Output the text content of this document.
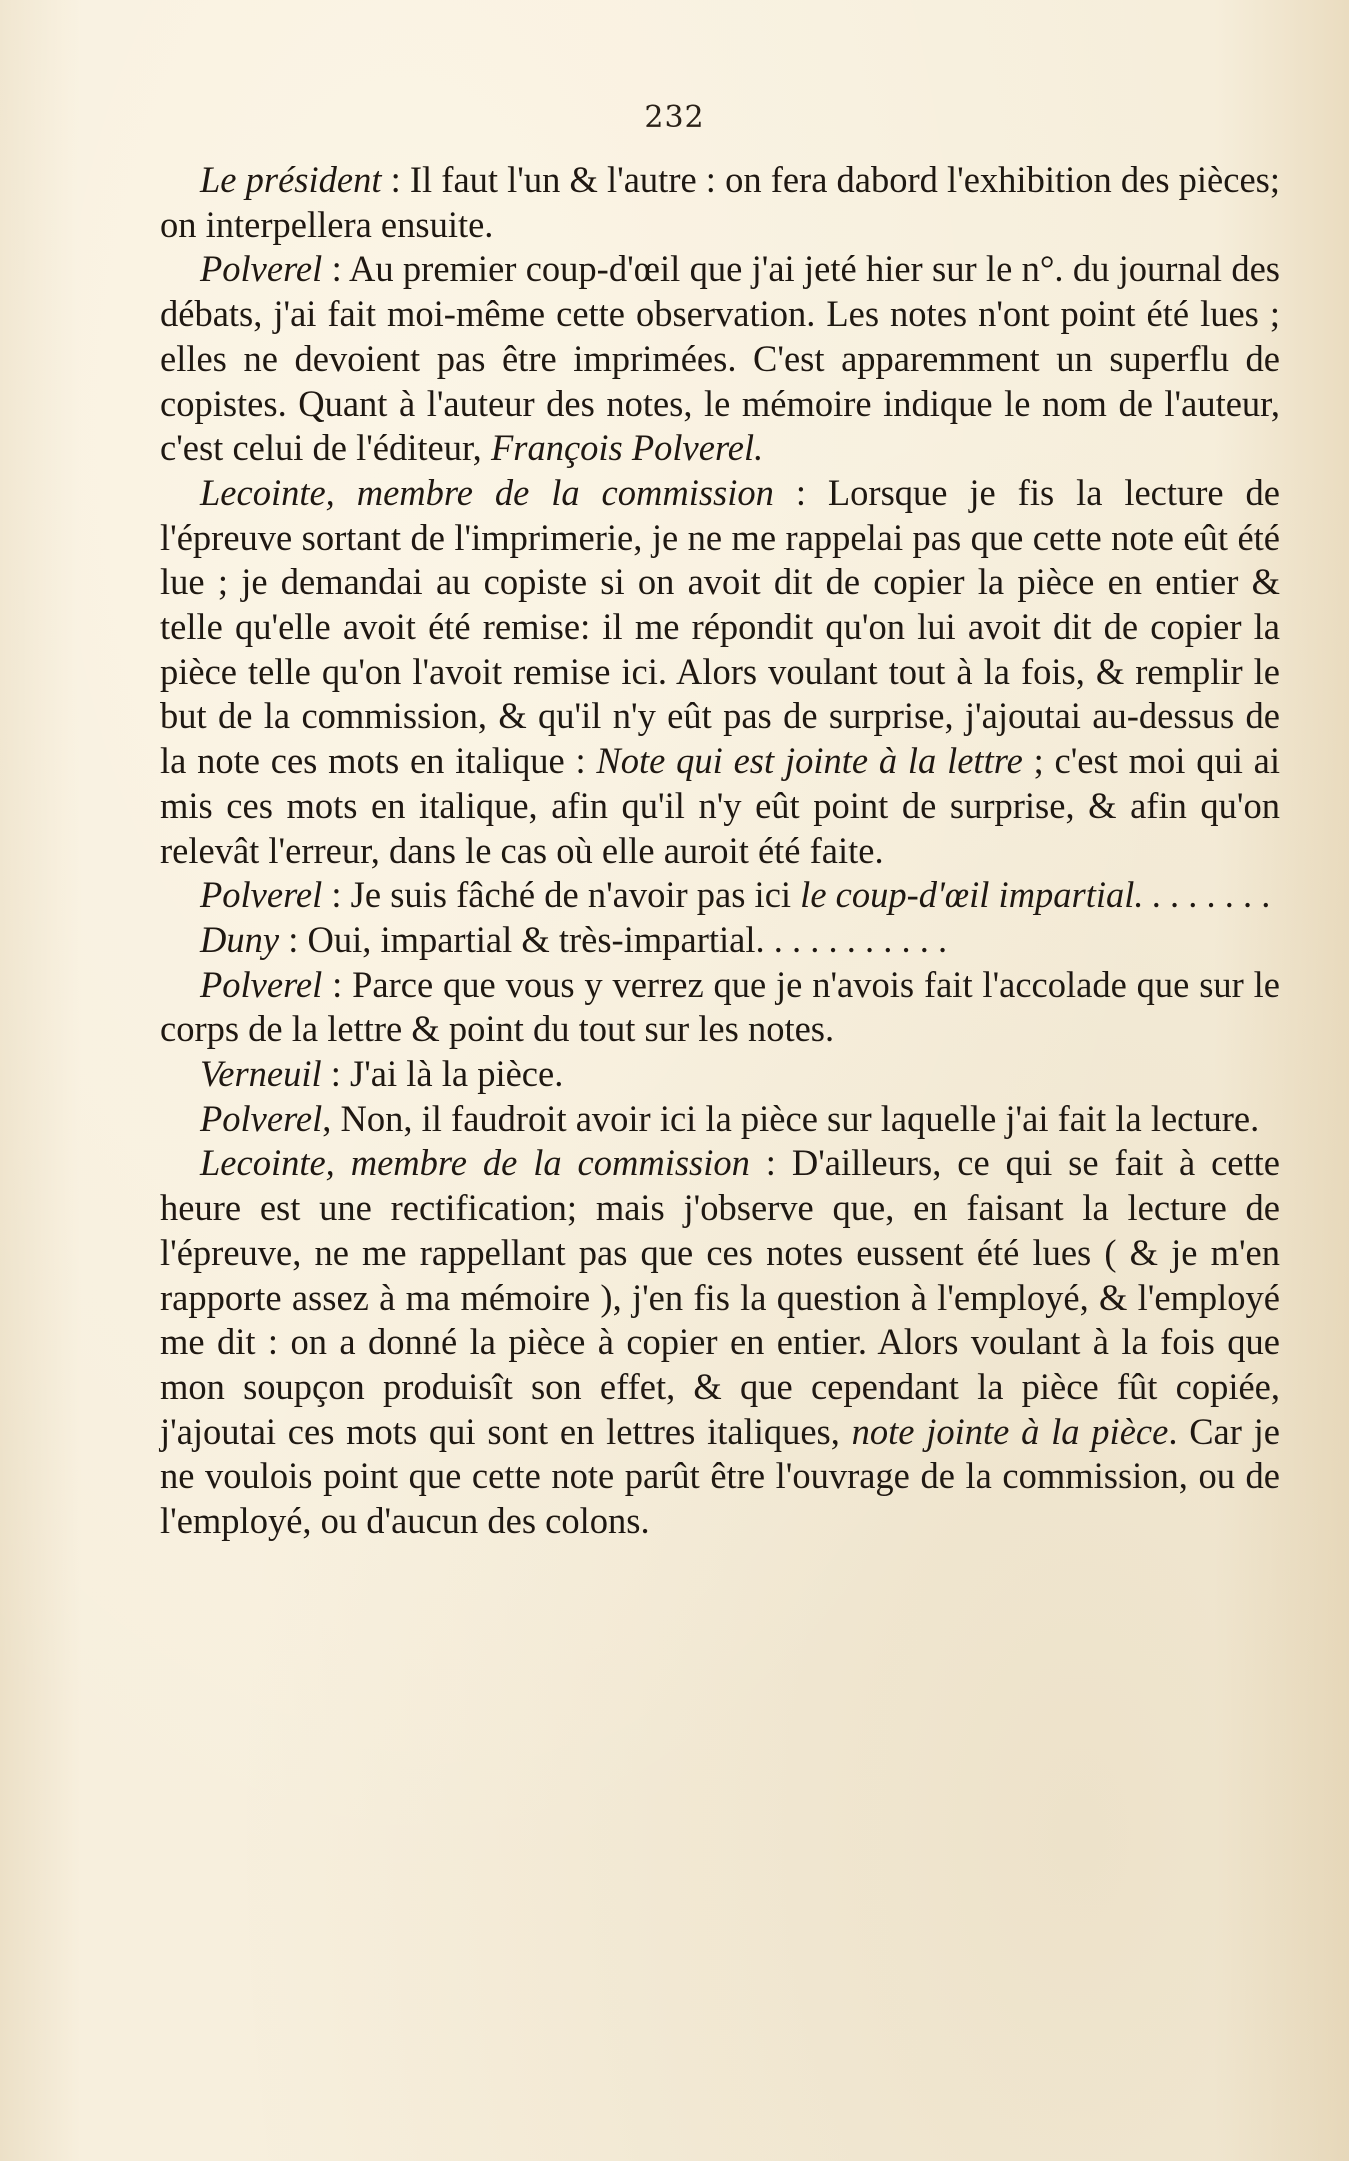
232

Le président : Il faut l'un & l'autre : on fera dabord l'exhibition des pièces; on interpellera ensuite.

Polverel : Au premier coup-d'œil que j'ai jeté hier sur le n°. du journal des débats, j'ai fait moi-même cette observation. Les notes n'ont point été lues ; elles ne devoient pas être imprimées. C'est apparemment un superflu de copistes. Quant à l'auteur des notes, le mémoire indique le nom de l'auteur, c'est celui de l'éditeur, François Polverel.

Lecointe, membre de la commission : Lorsque je fis la lecture de l'épreuve sortant de l'imprimerie, je ne me rappelai pas que cette note eût été lue ; je demandai au copiste si on avoit dit de copier la pièce en entier & telle qu'elle avoit été remise: il me répondit qu'on lui avoit dit de copier la pièce telle qu'on l'avoit remise ici. Alors voulant tout à la fois, & remplir le but de la commission, & qu'il n'y eût pas de surprise, j'ajoutai au-dessus de la note ces mots en italique : Note qui est jointe à la lettre ; c'est moi qui ai mis ces mots en italique, afin qu'il n'y eût point de surprise, & afin qu'on relevât l'erreur, dans le cas où elle auroit été faite.

Polverel : Je suis fâché de n'avoir pas ici le coup-d'œil impartial. . . . . . . .

Duny : Oui, impartial & très-impartial. . . . . . . . . . .

Polverel : Parce que vous y verrez que je n'avois fait l'accolade que sur le corps de la lettre & point du tout sur les notes.

Verneuil : J'ai là la pièce.

Polverel, Non, il faudroit avoir ici la pièce sur laquelle j'ai fait la lecture.

Lecointe, membre de la commission : D'ailleurs, ce qui se fait à cette heure est une rectification; mais j'observe que, en faisant la lecture de l'épreuve, ne me rappellant pas que ces notes eussent été lues ( & je m'en rapporte assez à ma mémoire ), j'en fis la question à l'employé, & l'employé me dit : on a donné la pièce à copier en entier. Alors voulant à la fois que mon soupçon produisît son effet, & que cependant la pièce fût copiée, j'ajoutai ces mots qui sont en lettres italiques, note jointe à la pièce. Car je ne voulois point que cette note parût être l'ouvrage de la commission, ou de l'employé, ou d'aucun des colons.
